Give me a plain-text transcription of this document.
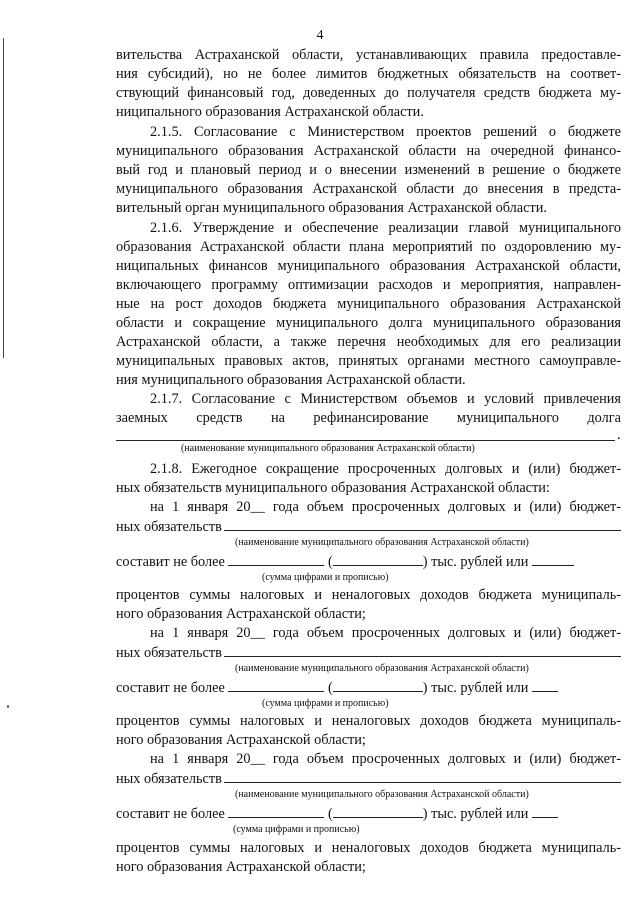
4
вительства Астраханской области, устанавливающих правила предоставле-
ния субсидий), но не более лимитов бюджетных обязательств на соответ-
ствующий финансовый год, доведенных до получателя средств бюджета му-
ниципального образования Астраханской области.
2.1.5. Согласование с Министерством проектов решений о бюджете
муниципального образования Астраханской области на очередной финансо-
вый год и плановый период и о внесении изменений в решение о бюджете
муниципального образования Астраханской области до внесения в предста-
вительный орган муниципального образования Астраханской области.
2.1.6. Утверждение и обеспечение реализации главой муниципального
образования Астраханской области плана мероприятий по оздоровлению му-
ниципальных финансов муниципального образования Астраханской области,
включающего программу оптимизации расходов и мероприятия, направлен-
ные на рост доходов бюджета муниципального образования Астраханской
области и сокращение муниципального долга муниципального образования
Астраханской области, а также перечня необходимых для его реализации
муниципальных правовых актов, принятых органами местного самоуправле-
ния муниципального образования Астраханской области.
2.1.7. Согласование с Министерством объемов и условий привлечения
заемных средств на рефинансирование муниципального долга
.
(наименование муниципального образования Астраханской области)
2.1.8. Ежегодное сокращение просроченных долговых и (или) бюджет-
ных обязательств муниципального образования Астраханской области:
на 1 января 20__ года объем просроченных долговых и (или) бюджет-
ных обязательств
(наименование муниципального образования Астраханской области)
составит не более	(	) тыс. рублей или
(сумма цифрами и прописью)
процентов суммы налоговых и неналоговых доходов бюджета муниципаль-
ного образования Астраханской области;
на 1 января 20__ года объем просроченных долговых и (или) бюджет-
ных обязательств
(наименование муниципального образования Астраханской области)
составит не более	(	) тыс. рублей или
(сумма цифрами и прописью)
процентов суммы налоговых и неналоговых доходов бюджета муниципаль-
ного образования Астраханской области;
на 1 января 20__ года объем просроченных долговых и (или) бюджет-
ных обязательств
(наименование муниципального образования Астраханской области)
составит не более	(	) тыс. рублей или
(сумма цифрами и прописью)
процентов суммы налоговых и неналоговых доходов бюджета муниципаль-
ного образования Астраханской области;
